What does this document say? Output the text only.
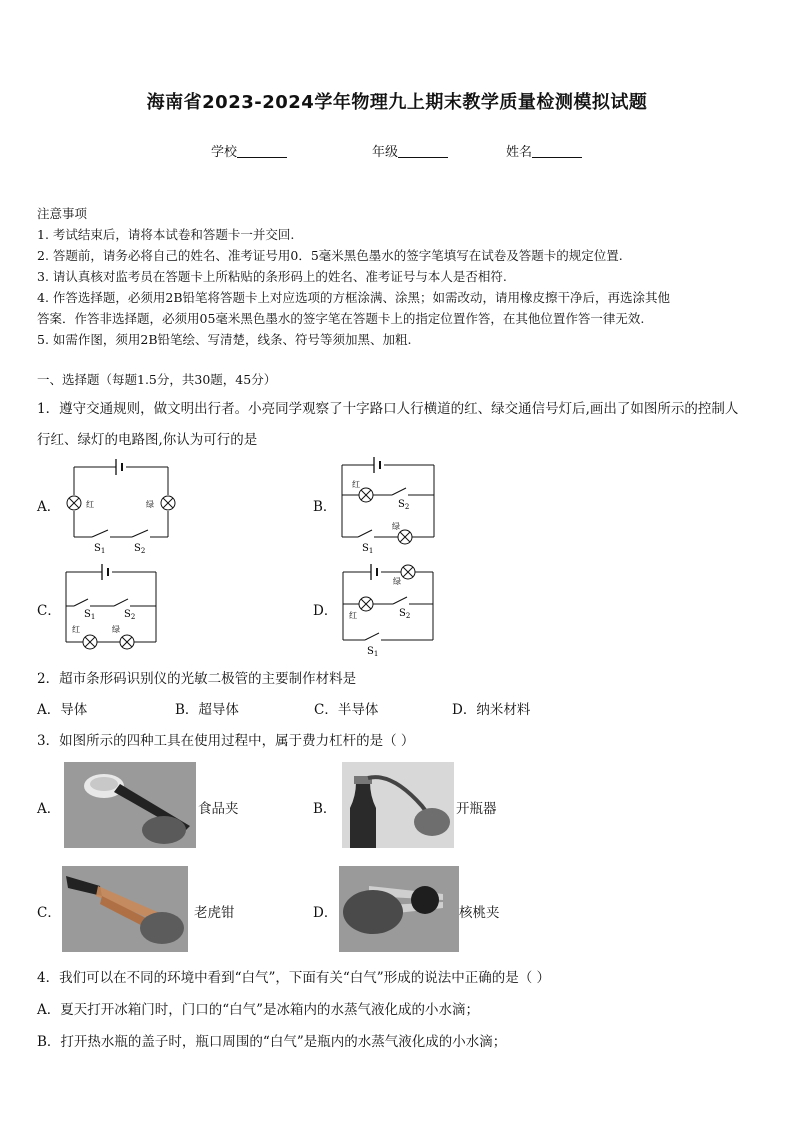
海南省2023-2024学年物理九上期末教学质量检测模拟试题
学校	年级	姓名
注意事项
1. 考试结束后，请将本试卷和答题卡一并交回.
2. 答题前，请务必将自己的姓名、准考证号用0．5毫米黑色墨水的签字笔填写在试卷及答题卡的规定位置.
3. 请认真核对监考员在答题卡上所粘贴的条形码上的姓名、准考证号与本人是否相符.
4. 作答选择题，必须用2B铅笔将答题卡上对应选项的方框涂满、涂黑；如需改动，请用橡皮擦干净后，再选涂其他
答案．作答非选择题，必须用05毫米黑色墨水的签字笔在答题卡上的指定位置作答，在其他位置作答一律无效.
5. 如需作图，须用2B铅笔绘、写清楚，线条、符号等须加黑、加粗.
一、选择题（每题1.5分，共30题，45分）
1．遵守交通规则，做文明出行者。小亮同学观察了十字路口人行横道的红、绿交通信号灯后,画出了如图所示的控制人
行红、绿灯的电路图,你认为可行的是
A．	B．
C．	D．
红	绿
$S_1$	$S_2$
红
绿
$S_1$
$S_2$
红	绿
$S_1$	$S_2$
绿
红	$S_2$
$S_1$
2．超市条形码识别仪的光敏二极管的主要制作材料是
A．导体	B．超导体	C．半导体	D．纳米材料
3．如图所示的四种工具在使用过程中，属于费力杠杆的是（ ）
A．	食品夹	B．	开瓶器
C．	老虎钳	D．	核桃夹
4．我们可以在不同的环境中看到“白气”，下面有关“白气”形成的说法中正确的是（ ）
A．夏天打开冰箱门时，门口的“白气”是冰箱内的水蒸气液化成的小水滴；
B．打开热水瓶的盖子时，瓶口周围的“白气”是瓶内的水蒸气液化成的小水滴；
